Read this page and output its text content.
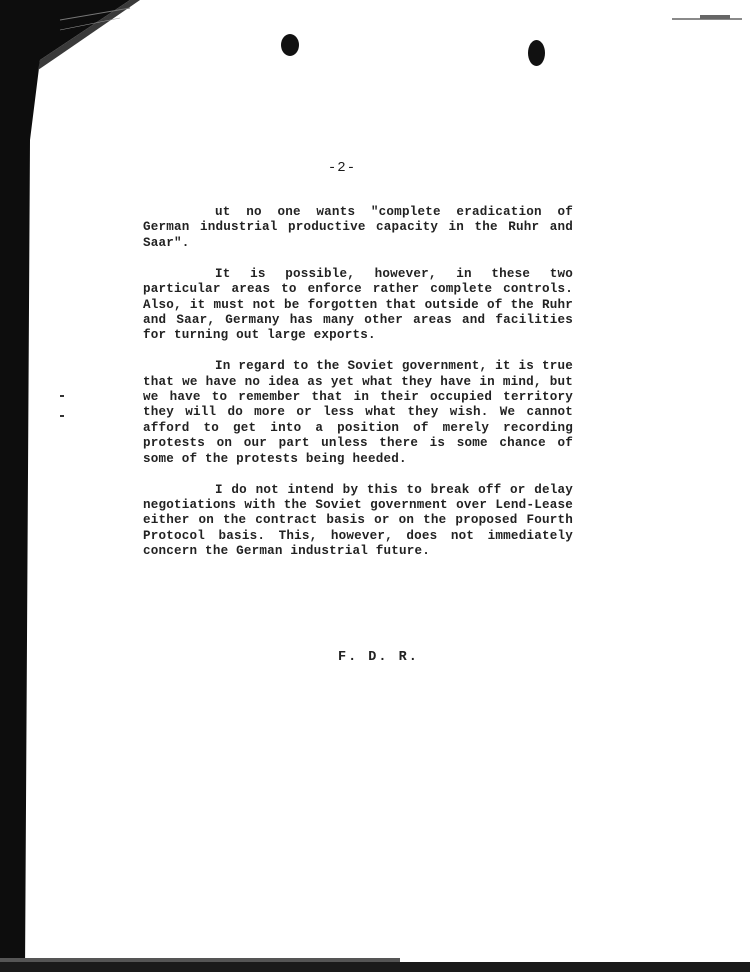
-2-

ut no one wants "complete eradication of German industrial productive capacity in the Ruhr and Saar".

It is possible, however, in these two particular areas to enforce rather complete controls. Also, it must not be forgotten that outside of the Ruhr and Saar, Germany has many other areas and facilities for turning out large exports.

In regard to the Soviet government, it is true that we have no idea as yet what they have in mind, but we have to remember that in their occupied territory they will do more or less what they wish. We cannot afford to get into a position of merely recording protests on our part unless there is some chance of some of the protests being heeded.

I do not intend by this to break off or delay negotiations with the Soviet government over Lend-Lease either on the contract basis or on the proposed Fourth Protocol basis. This, however, does not immediately concern the German industrial future.

F. D. R.
